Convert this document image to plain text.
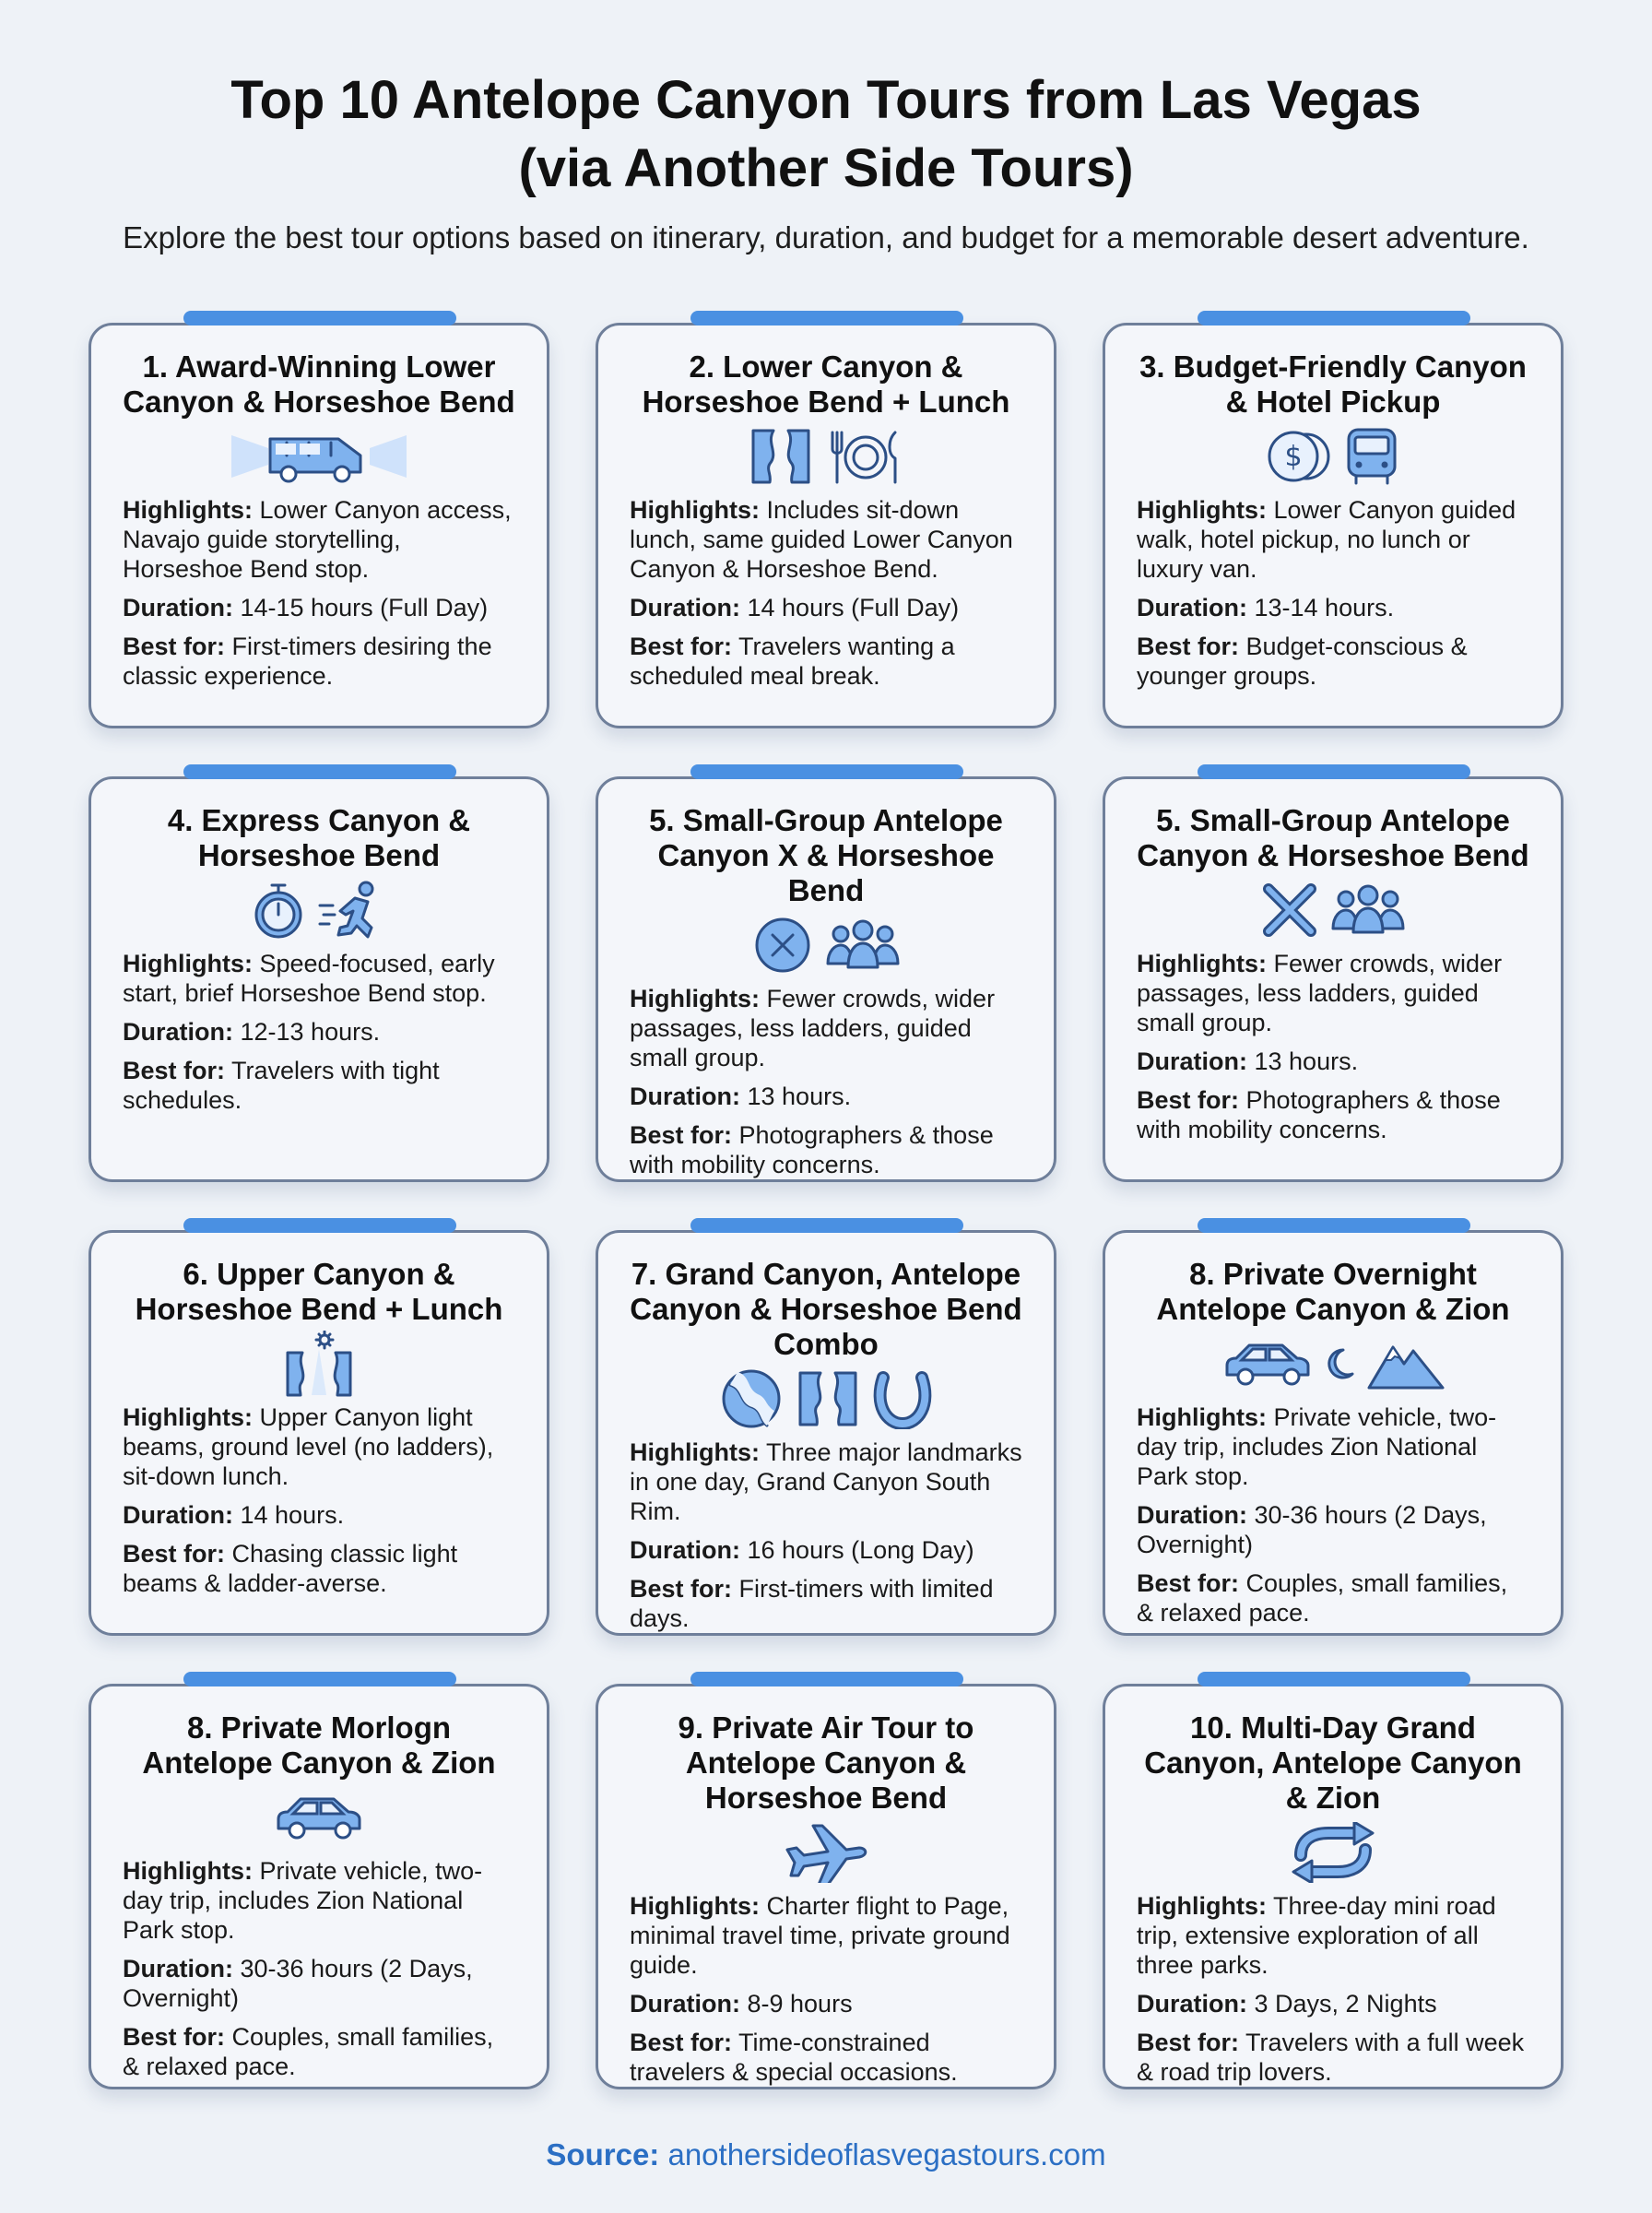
Top 10 Antelope Canyon Tours from Las Vegas
(via Another Side Tours)
Explore the best tour options based on itinerary, duration, and budget for a memorable desert adventure.
1. Award-Winning Lower Canyon & Horseshoe Bend

Highlights: Lower Canyon access, Navajo guide storytelling, Horseshoe Bend stop.

Duration: 14-15 hours (Full Day)

Best for: First-timers desiring the classic experience.

2. Lower Canyon & Horseshoe Bend + Lunch

Highlights: Includes sit-down lunch, same guided Lower Canyon Canyon & Horseshoe Bend.

Duration: 14 hours (Full Day)

Best for: Travelers wanting a scheduled meal break.

3. Budget-Friendly Canyon & Hotel Pickup
$

Highlights: Lower Canyon guided walk, hotel pickup, no lunch or luxury van.

Duration: 13-14 hours.

Best for: Budget-conscious & younger groups.

4. Express Canyon & Horseshoe Bend

Highlights: Speed-focused, early start, brief Horseshoe Bend stop.

Duration: 12-13 hours.

Best for: Travelers with tight schedules.

5. Small-Group Antelope Canyon X & Horseshoe Bend

Highlights: Fewer crowds, wider passages, less ladders, guided small group.

Duration: 13 hours.

Best for: Photographers & those with mobility concerns.

5. Small-Group Antelope Canyon & Horseshoe Bend

Highlights: Fewer crowds, wider passages, less ladders, guided small group.

Duration: 13 hours.

Best for: Photographers & those with mobility concerns.

6. Upper Canyon & Horseshoe Bend + Lunch

Highlights: Upper Canyon light beams, ground level (no ladders), sit-down lunch.

Duration: 14 hours.

Best for: Chasing classic light beams & ladder-averse.

7. Grand Canyon, Antelope Canyon & Horseshoe Bend Combo

Highlights: Three major landmarks in one day, Grand Canyon South Rim.

Duration: 16 hours (Long Day)

Best for: First-timers with limited days.

8. Private Overnight Antelope Canyon & Zion

Highlights: Private vehicle, two-day trip, includes Zion National Park stop.

Duration: 30-36 hours (2 Days, Overnight)

Best for: Couples, small families, & relaxed pace.

8. Private Morlogn Antelope Canyon & Zion

Highlights: Private vehicle, two-day trip, includes Zion National Park stop.

Duration: 30-36 hours (2 Days, Overnight)

Best for: Couples, small families, & relaxed pace.

9. Private Air Tour to Antelope Canyon & Horseshoe Bend

Highlights: Charter flight to Page, minimal travel time, private ground guide.

Duration: 8-9 hours

Best for: Time-constrained travelers & special occasions.

10. Multi-Day Grand Canyon, Antelope Canyon & Zion

Highlights: Three-day mini road trip, extensive exploration of all three parks.

Duration: 3 Days, 2 Nights

Best for: Travelers with a full week & road trip lovers.

Source: anothersideoflasvegastours.com
